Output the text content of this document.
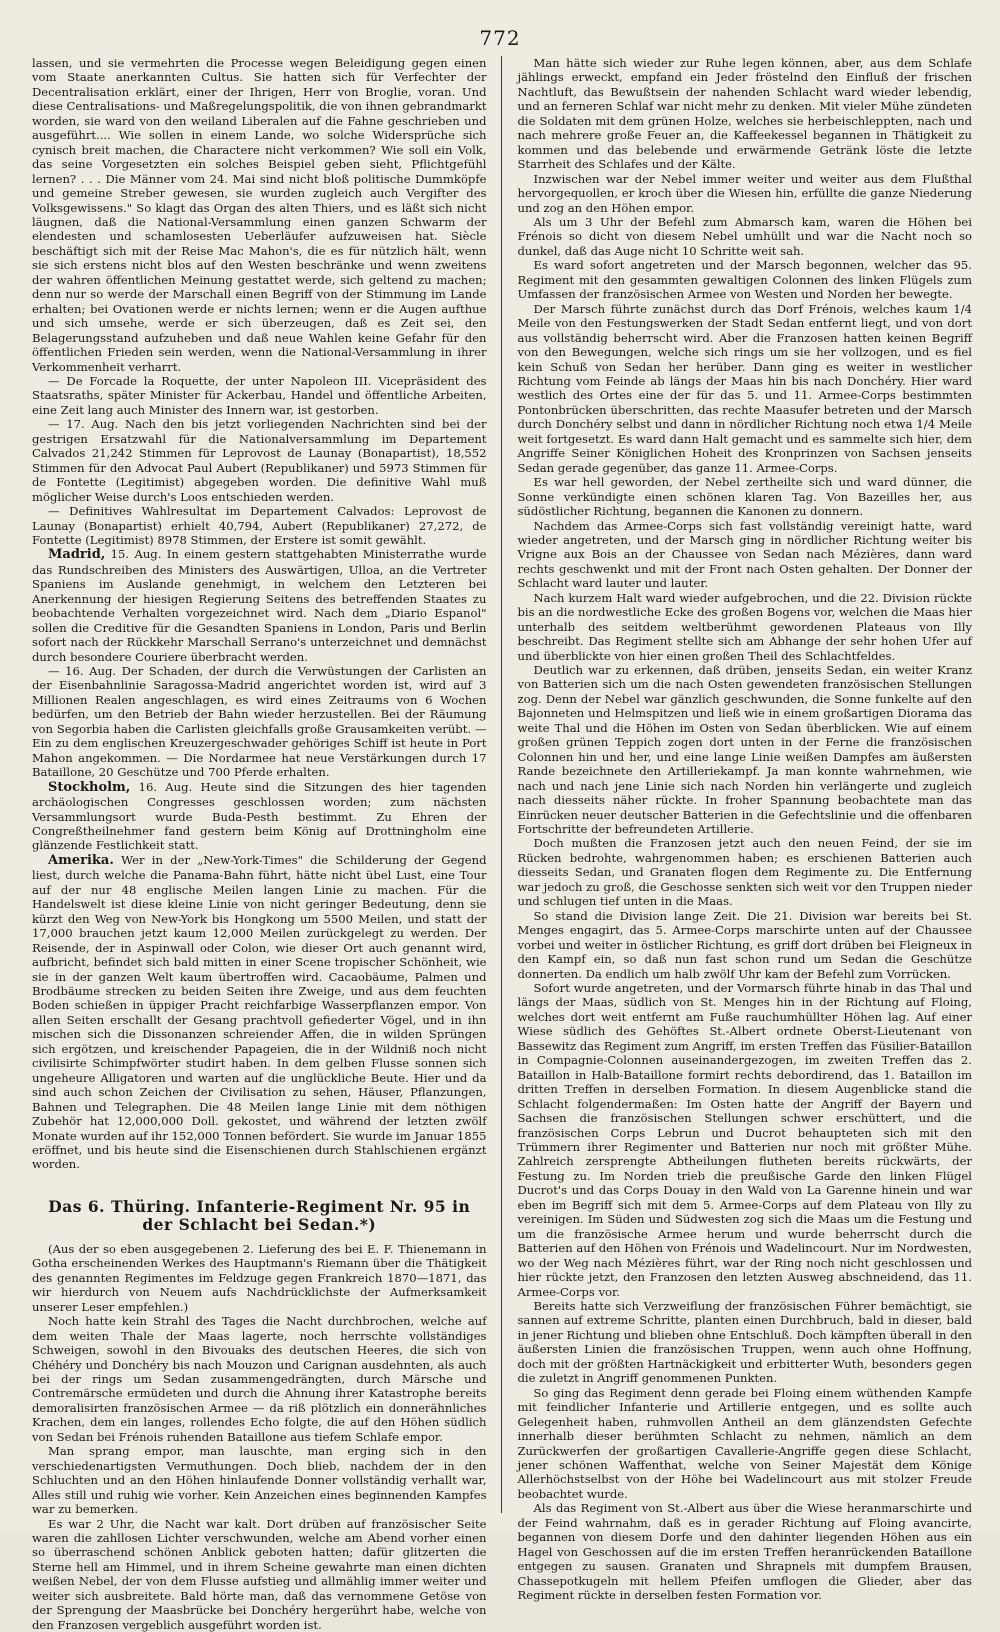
772

lassen, und sie vermehrten die Processe wegen Beleidigung gegen einen vom Staate anerkannten Cultus. Sie hatten sich für Verfechter der Decentralisation erklärt, einer der Ihrigen, Herr von Broglie, voran. Und diese Centralisations- und Maßregelungspolitik, die von ihnen gebrandmarkt worden, sie ward von den weiland Liberalen auf die Fahne geschrieben und ausgeführt.... Wie sollen in einem Lande, wo solche Widersprüche sich cynisch breit machen, die Charactere nicht verkommen? Wie soll ein Volk, das seine Vorgesetzten ein solches Beispiel geben sieht, Pflichtgefühl lernen? . . . Die Männer vom 24. Mai sind nicht bloß politische Dummköpfe und gemeine Streber gewesen, sie wurden zugleich auch Vergifter des Volksgewissens." So klagt das Organ des alten Thiers, und es läßt sich nicht läugnen, daß die National-Versammlung einen ganzen Schwarm der elendesten und schamlosesten Ueberläufer aufzuweisen hat. Siècle beschäftigt sich mit der Reise Mac Mahon's, die es für nützlich hält, wenn sie sich erstens nicht blos auf den Westen beschränke und wenn zweitens der wahren öffentlichen Meinung gestattet werde, sich geltend zu machen; denn nur so werde der Marschall einen Begriff von der Stimmung im Lande erhalten; bei Ovationen werde er nichts lernen; wenn er die Augen aufthue und sich umsehe, werde er sich überzeugen, daß es Zeit sei, den Belagerungsstand aufzuheben und daß neue Wahlen keine Gefahr für den öffentlichen Frieden sein werden, wenn die National-Versammlung in ihrer Verkommenheit verharrt.

— De Forcade la Roquette, der unter Napoleon III. Vicepräsident des Staatsraths, später Minister für Ackerbau, Handel und öffentliche Arbeiten, eine Zeit lang auch Minister des Innern war, ist gestorben.

— 17. Aug. Nach den bis jetzt vorliegenden Nachrichten sind bei der gestrigen Ersatzwahl für die Nationalversammlung im Departement Calvados 21,242 Stimmen für Leprovost de Launay (Bonapartist), 18,552 Stimmen für den Advocat Paul Aubert (Republikaner) und 5973 Stimmen für de Fontette (Legitimist) abgegeben worden. Die definitive Wahl muß möglicher Weise durch's Loos entschieden werden.

— Definitives Wahlresultat im Departement Calvados: Leprovost de Launay (Bonapartist) erhielt 40,794, Aubert (Republikaner) 27,272, de Fontette (Legitimist) 8978 Stimmen, der Erstere ist somit gewählt.

Madrid, 15. Aug. In einem gestern stattgehabten Ministerrathe wurde das Rundschreiben des Ministers des Auswärtigen, Ulloa, an die Vertreter Spaniens im Auslande genehmigt, in welchem den Letzteren bei Anerkennung der hiesigen Regierung Seitens des betreffenden Staates zu beobachtende Verhalten vorgezeichnet wird. Nach dem „Diario Espanol" sollen die Creditive für die Gesandten Spaniens in London, Paris und Berlin sofort nach der Rückkehr Marschall Serrano's unterzeichnet und demnächst durch besondere Couriere überbracht werden.

— 16. Aug. Der Schaden, der durch die Verwüstungen der Carlisten an der Eisenbahnlinie Saragossa-Madrid angerichtet worden ist, wird auf 3 Millionen Realen angeschlagen, es wird eines Zeitraums von 6 Wochen bedürfen, um den Betrieb der Bahn wieder herzustellen. Bei der Räumung von Segorbia haben die Carlisten gleichfalls große Grausamkeiten verübt. — Ein zu dem englischen Kreuzergeschwader gehöriges Schiff ist heute in Port Mahon angekommen. — Die Nordarmee hat neue Verstärkungen durch 17 Bataillone, 20 Geschütze und 700 Pferde erhalten.

Stockholm, 16. Aug. Heute sind die Sitzungen des hier tagenden archäologischen Congresses geschlossen worden; zum nächsten Versammlungsort wurde Buda-Pesth bestimmt. Zu Ehren der Congreßtheilnehmer fand gestern beim König auf Drottningholm eine glänzende Festlichkeit statt.

Amerika. Wer in der „New-York-Times" die Schilderung der Gegend liest, durch welche die Panama-Bahn führt, hätte nicht übel Lust, eine Tour auf der nur 48 englische Meilen langen Linie zu machen. Für die Handelswelt ist diese kleine Linie von nicht geringer Bedeutung, denn sie kürzt den Weg von New-York bis Hongkong um 5500 Meilen, und statt der 17,000 brauchen jetzt kaum 12,000 Meilen zurückgelegt zu werden. Der Reisende, der in Aspinwall oder Colon, wie dieser Ort auch genannt wird, aufbricht, befindet sich bald mitten in einer Scene tropischer Schönheit, wie sie in der ganzen Welt kaum übertroffen wird. Cacaobäume, Palmen und Brodbäume strecken zu beiden Seiten ihre Zweige, und aus dem feuchten Boden schießen in üppiger Pracht reichfarbige Wasserpflanzen empor. Von allen Seiten erschallt der Gesang prachtvoll gefiederter Vögel, und in ihn mischen sich die Dissonanzen schreiender Affen, die in wilden Sprüngen sich ergötzen, und kreischender Papageien, die in der Wildniß noch nicht civilisirte Schimpfwörter studirt haben. In dem gelben Flusse sonnen sich ungeheure Alligatoren und warten auf die unglückliche Beute. Hier und da sind auch schon Zeichen der Civilisation zu sehen, Häuser, Pflanzungen, Bahnen und Telegraphen. Die 48 Meilen lange Linie mit dem nöthigen Zubehör hat 12,000,000 Doll. gekostet, und während der letzten zwölf Monate wurden auf ihr 152,000 Tonnen befördert. Sie wurde im Januar 1855 eröffnet, und bis heute sind die Eisenschienen durch Stahlschienen ergänzt worden.

Das 6. Thüring. Infanterie-Regiment Nr. 95 in der Schlacht bei Sedan.*)

(Aus der so eben ausgegebenen 2. Lieferung des bei E. F. Thienemann in Gotha erscheinenden Werkes des Hauptmann's Riemann über die Thätigkeit des genannten Regimentes im Feldzuge gegen Frankreich 1870—1871, das wir hierdurch von Neuem aufs Nachdrücklichste der Aufmerksamkeit unserer Leser empfehlen.)

Noch hatte kein Strahl des Tages die Nacht durchbrochen, welche auf dem weiten Thale der Maas lagerte, noch herrschte vollständiges Schweigen, sowohl in den Bivouaks des deutschen Heeres, die sich von Chéhéry und Donchéry bis nach Mouzon und Carignan ausdehnten, als auch bei der rings um Sedan zusammengedrängten, durch Märsche und Contremärsche ermüdeten und durch die Ahnung ihrer Katastrophe bereits demoralisirten französischen Armee — da riß plötzlich ein donnerähnliches Krachen, dem ein langes, rollendes Echo folgte, die auf den Höhen südlich von Sedan bei Frénois ruhenden Bataillone aus tiefem Schlafe empor.

Man sprang empor, man lauschte, man erging sich in den verschiedenartigsten Vermuthungen. Doch blieb, nachdem der in den Schluchten und an den Höhen hinlaufende Donner vollständig verhallt war, Alles still und ruhig wie vorher. Kein Anzeichen eines beginnenden Kampfes war zu bemerken.

Es war 2 Uhr, die Nacht war kalt. Dort drüben auf französischer Seite waren die zahllosen Lichter verschwunden, welche am Abend vorher einen so überraschend schönen Anblick geboten hatten; dafür glitzerten die Sterne hell am Himmel, und in ihrem Scheine gewahrte man einen dichten weißen Nebel, der von dem Flusse aufstieg und allmählig immer weiter und weiter sich ausbreitete. Bald hörte man, daß das vernommene Getöse von der Sprengung der Maasbrücke bei Donchéry hergerührt habe, welche von den Franzosen vergeblich ausgeführt worden ist.

Man hätte sich wieder zur Ruhe legen können, aber, aus dem Schlafe jählings erweckt, empfand ein Jeder fröstelnd den Einfluß der frischen Nachtluft, das Bewußtsein der nahenden Schlacht ward wieder lebendig, und an ferneren Schlaf war nicht mehr zu denken. Mit vieler Mühe zündeten die Soldaten mit dem grünen Holze, welches sie herbeischleppten, nach und nach mehrere große Feuer an, die Kaffeekessel begannen in Thätigkeit zu kommen und das belebende und erwärmende Getränk löste die letzte Starrheit des Schlafes und der Kälte.

Inzwischen war der Nebel immer weiter und weiter aus dem Flußthal hervorgequollen, er kroch über die Wiesen hin, erfüllte die ganze Niederung und zog an den Höhen empor.

Als um 3 Uhr der Befehl zum Abmarsch kam, waren die Höhen bei Frénois so dicht von diesem Nebel umhüllt und war die Nacht noch so dunkel, daß das Auge nicht 10 Schritte weit sah.

Es ward sofort angetreten und der Marsch begonnen, welcher das 95. Regiment mit den gesammten gewaltigen Colonnen des linken Flügels zum Umfassen der französischen Armee von Westen und Norden her bewegte.

Der Marsch führte zunächst durch das Dorf Frénois, welches kaum 1/4 Meile von den Festungswerken der Stadt Sedan entfernt liegt, und von dort aus vollständig beherrscht wird. Aber die Franzosen hatten keinen Begriff von den Bewegungen, welche sich rings um sie her vollzogen, und es fiel kein Schuß von Sedan her herüber. Dann ging es weiter in westlicher Richtung vom Feinde ab längs der Maas hin bis nach Donchéry. Hier ward westlich des Ortes eine der für das 5. und 11. Armee-Corps bestimmten Pontonbrücken überschritten, das rechte Maasufer betreten und der Marsch durch Donchéry selbst und dann in nördlicher Richtung noch etwa 1/4 Meile weit fortgesetzt. Es ward dann Halt gemacht und es sammelte sich hier, dem Angriffe Seiner Königlichen Hoheit des Kronprinzen von Sachsen jenseits Sedan gerade gegenüber, das ganze 11. Armee-Corps.

Es war hell geworden, der Nebel zertheilte sich und ward dünner, die Sonne verkündigte einen schönen klaren Tag. Von Bazeilles her, aus südöstlicher Richtung, begannen die Kanonen zu donnern.

Nachdem das Armee-Corps sich fast vollständig vereinigt hatte, ward wieder angetreten, und der Marsch ging in nördlicher Richtung weiter bis Vrigne aux Bois an der Chaussee von Sedan nach Mézières, dann ward rechts geschwenkt und mit der Front nach Osten gehalten. Der Donner der Schlacht ward lauter und lauter.

Nach kurzem Halt ward wieder aufgebrochen, und die 22. Division rückte bis an die nordwestliche Ecke des großen Bogens vor, welchen die Maas hier unterhalb des seitdem weltberühmt gewordenen Plateaus von Illy beschreibt. Das Regiment stellte sich am Abhange der sehr hohen Ufer auf und überblickte von hier einen großen Theil des Schlachtfeldes.

Deutlich war zu erkennen, daß drüben, jenseits Sedan, ein weiter Kranz von Batterien sich um die nach Osten gewendeten französischen Stellungen zog. Denn der Nebel war gänzlich geschwunden, die Sonne funkelte auf den Bajonneten und Helmspitzen und ließ wie in einem großartigen Diorama das weite Thal und die Höhen im Osten von Sedan überblicken. Wie auf einem großen grünen Teppich zogen dort unten in der Ferne die französischen Colonnen hin und her, und eine lange Linie weißen Dampfes am äußersten Rande bezeichnete den Artilleriekampf. Ja man konnte wahrnehmen, wie nach und nach jene Linie sich nach Norden hin verlängerte und zugleich nach diesseits näher rückte. In froher Spannung beobachtete man das Einrücken neuer deutscher Batterien in die Gefechtslinie und die offenbaren Fortschritte der befreundeten Artillerie.

Doch mußten die Franzosen jetzt auch den neuen Feind, der sie im Rücken bedrohte, wahrgenommen haben; es erschienen Batterien auch diesseits Sedan, und Granaten flogen dem Regimente zu. Die Entfernung war jedoch zu groß, die Geschosse senkten sich weit vor den Truppen nieder und schlugen tief unten in die Maas.

So stand die Division lange Zeit. Die 21. Division war bereits bei St. Menges engagirt, das 5. Armee-Corps marschirte unten auf der Chaussee vorbei und weiter in östlicher Richtung, es griff dort drüben bei Fleigneux in den Kampf ein, so daß nun fast schon rund um Sedan die Geschütze donnerten. Da endlich um halb zwölf Uhr kam der Befehl zum Vorrücken.

Sofort wurde angetreten, und der Vormarsch führte hinab in das Thal und längs der Maas, südlich von St. Menges hin in der Richtung auf Floing, welches dort weit entfernt am Fuße rauchumhüllter Höhen lag. Auf einer Wiese südlich des Gehöftes St.-Albert ordnete Oberst-Lieutenant von Bassewitz das Regiment zum Angriff, im ersten Treffen das Füsilier-Bataillon in Compagnie-Colonnen auseinandergezogen, im zweiten Treffen das 2. Bataillon in Halb-Bataillone formirt rechts debordirend, das 1. Bataillon im dritten Treffen in derselben Formation. In diesem Augenblicke stand die Schlacht folgendermaßen: Im Osten hatte der Angriff der Bayern und Sachsen die französischen Stellungen schwer erschüttert, und die französischen Corps Lebrun und Ducrot behaupteten sich mit den Trümmern ihrer Regimenter und Batterien nur noch mit größter Mühe. Zahlreich zersprengte Abtheilungen flutheten bereits rückwärts, der Festung zu. Im Norden trieb die preußische Garde den linken Flügel Ducrot's und das Corps Douay in den Wald von La Garenne hinein und war eben im Begriff sich mit dem 5. Armee-Corps auf dem Plateau von Illy zu vereinigen. Im Süden und Südwesten zog sich die Maas um die Festung und um die französische Armee herum und wurde beherrscht durch die Batterien auf den Höhen von Frénois und Wadelincourt. Nur im Nordwesten, wo der Weg nach Mézières führt, war der Ring noch nicht geschlossen und hier rückte jetzt, den Franzosen den letzten Ausweg abschneidend, das 11. Armee-Corps vor.

Bereits hatte sich Verzweiflung der französischen Führer bemächtigt, sie sannen auf extreme Schritte, planten einen Durchbruch, bald in dieser, bald in jener Richtung und blieben ohne Entschluß. Doch kämpften überall in den äußersten Linien die französischen Truppen, wenn auch ohne Hoffnung, doch mit der größten Hartnäckigkeit und erbitterter Wuth, besonders gegen die zuletzt in Angriff genommenen Punkten.

So ging das Regiment denn gerade bei Floing einem wüthenden Kampfe mit feindlicher Infanterie und Artillerie entgegen, und es sollte auch Gelegenheit haben, ruhmvollen Antheil an dem glänzendsten Gefechte innerhalb dieser berühmten Schlacht zu nehmen, nämlich an dem Zurückwerfen der großartigen Cavallerie-Angriffe gegen diese Schlacht, jener schönen Waffenthat, welche von Seiner Majestät dem Könige Allerhöchstselbst von der Höhe bei Wadelincourt aus mit stolzer Freude beobachtet wurde.

Als das Regiment von St.-Albert aus über die Wiese heranmarschirte und der Feind wahrnahm, daß es in gerader Richtung auf Floing avancirte, begannen von diesem Dorfe und den dahinter liegenden Höhen aus ein Hagel von Geschossen auf die im ersten Treffen heranrückenden Bataillone entgegen zu sausen. Granaten und Shrapnels mit dumpfem Brausen, Chassepotkugeln mit hellem Pfeifen umflogen die Glieder, aber das Regiment rückte in derselben festen Formation vor.
